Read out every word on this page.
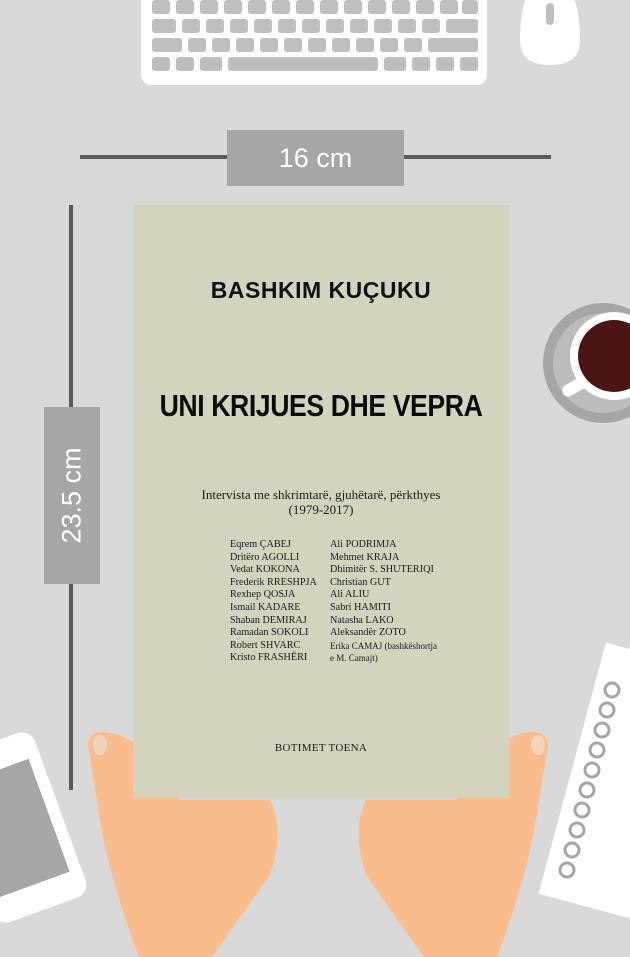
16 cm
23.5 cm
BASHKIM KUÇUKU
UNI KRIJUES DHE VEPRA
Intervista me shkrimtarë, gjuhëtarë, përkthyes
(1979-2017)
Eqrem ÇABEJ
Dritëro AGOLLI
Vedat KOKONA
Frederik RRESHPJA
Rexhep QOSJA
Ismail KADARE
Shaban DEMIRAJ
Ramadan SOKOLI
Robert SHVARC
Kristo FRASHËRI
Ali PODRIMJA
Mehmet KRAJA
Dhimitër S. SHUTERIQI
Christian GUT
Ali ALIU
Sabri HAMITI
Natasha LAKO
Aleksandër ZOTO
Erika CAMAJ (bashkëshortja
e M. Camajt)
BOTIMET TOENA
